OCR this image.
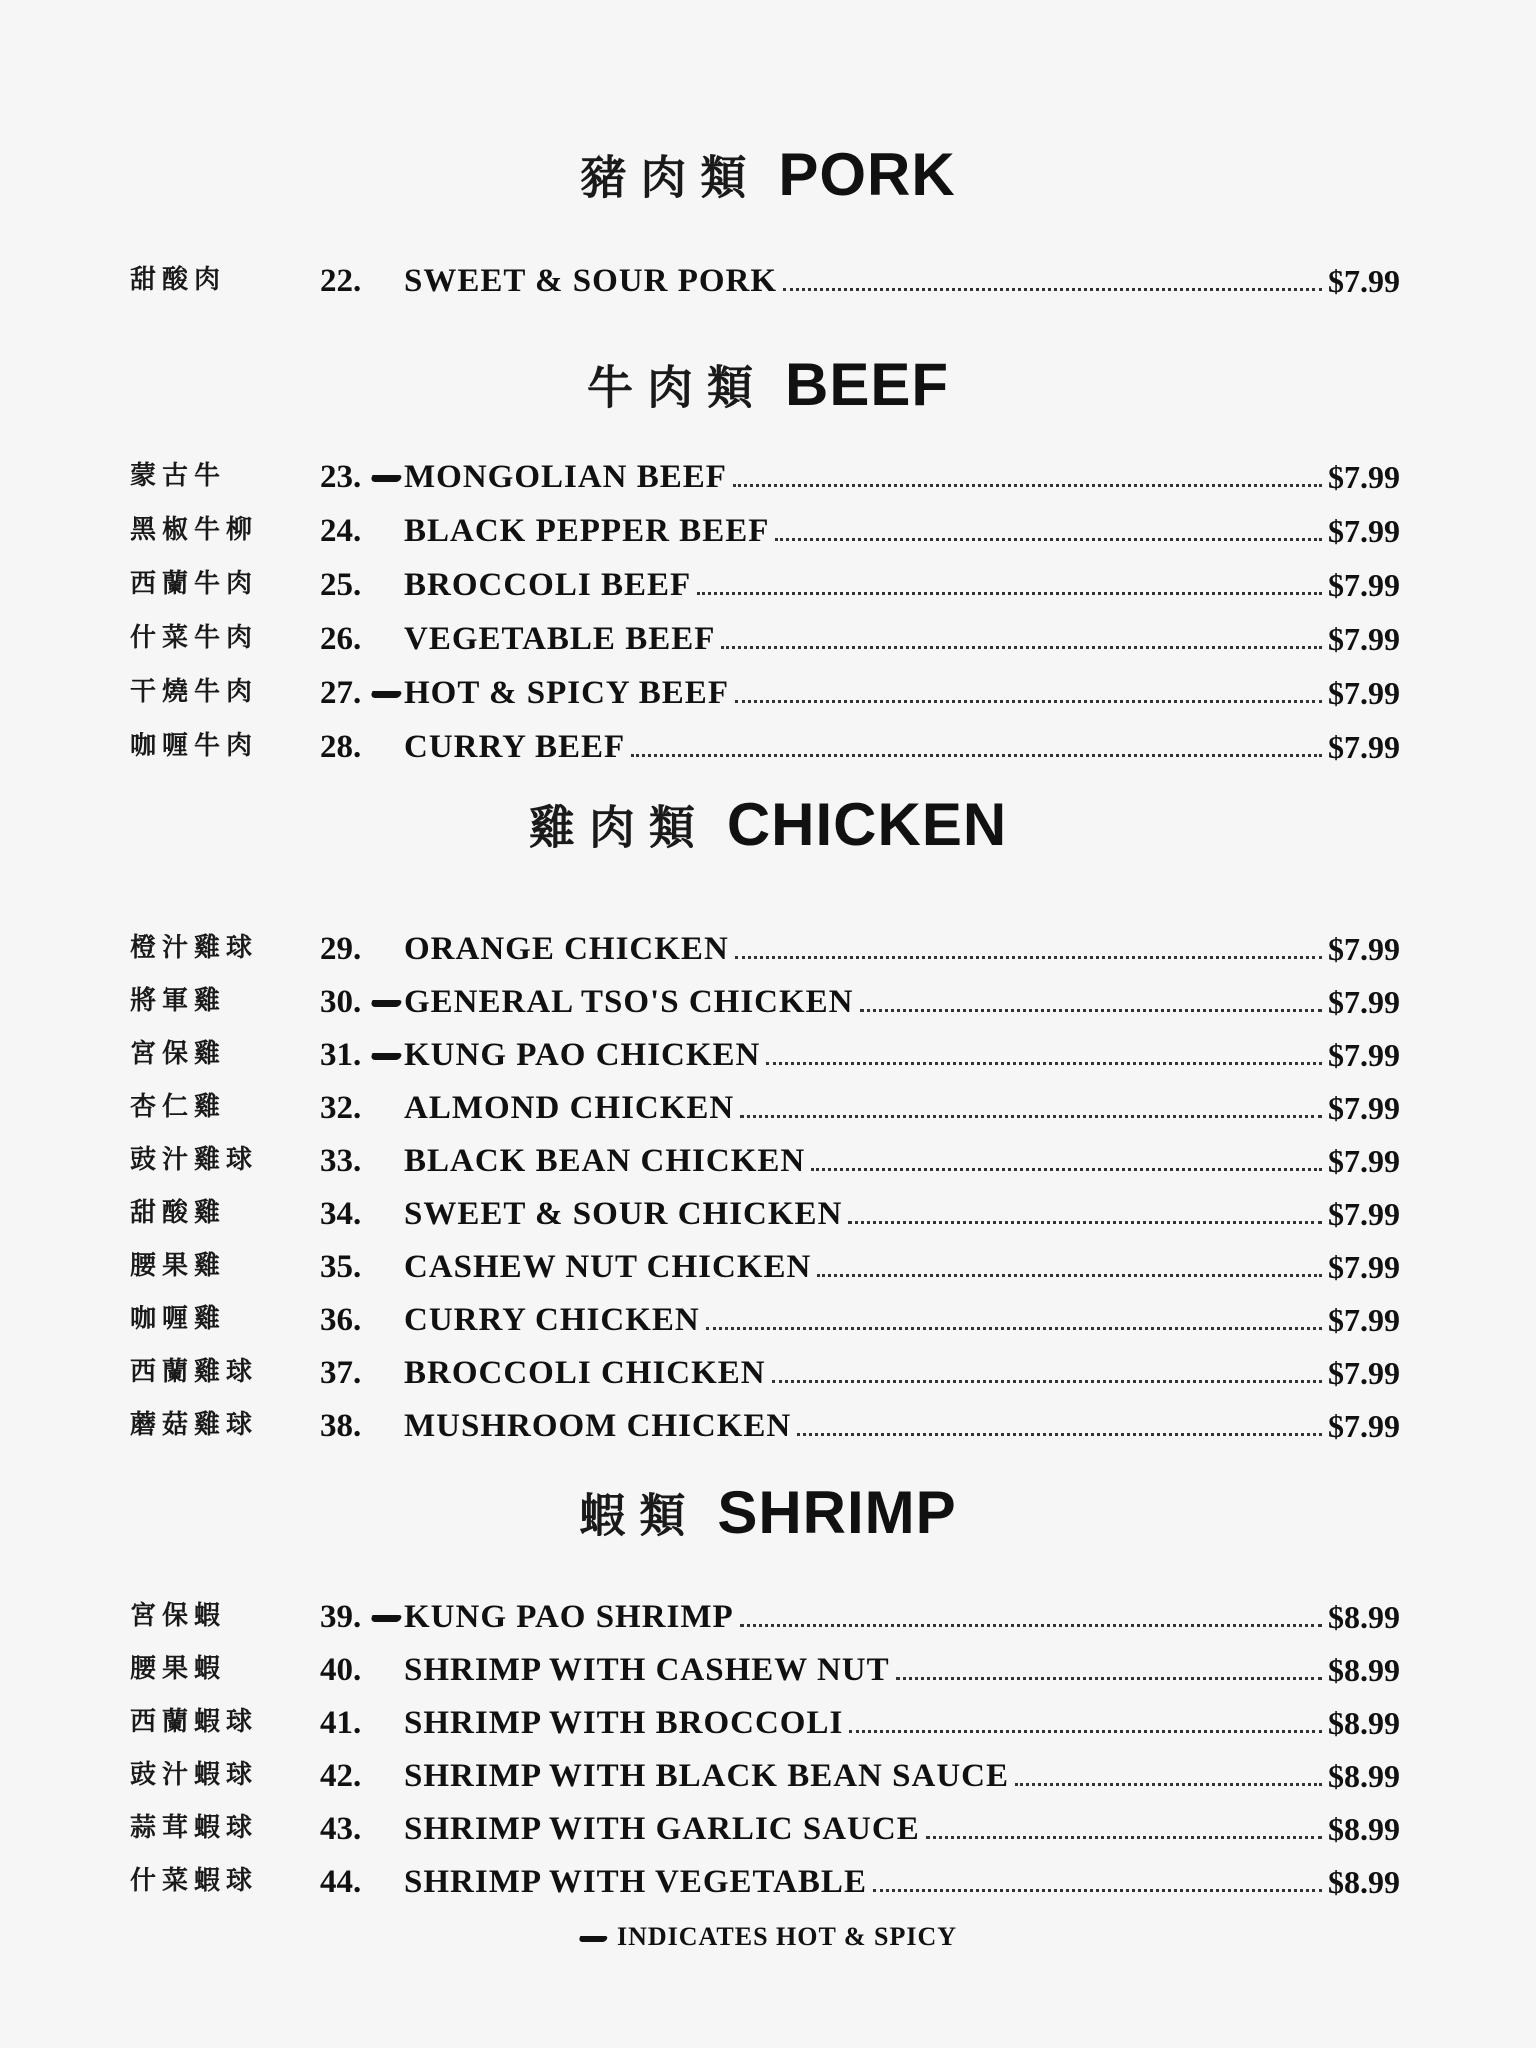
豬肉類 PORK
甜酸肉	22. SWEET & SOUR PORK	$7.99
牛肉類 BEEF
蒙古牛	23. MONGOLIAN BEEF	$7.99
黑椒牛柳	24. BLACK PEPPER BEEF	$7.99
西蘭牛肉	25. BROCCOLI BEEF	$7.99
什菜牛肉	26. VEGETABLE BEEF	$7.99
干燒牛肉	27. HOT & SPICY BEEF	$7.99
咖喱牛肉	28. CURRY BEEF	$7.99
雞肉類 CHICKEN
橙汁雞球	29. ORANGE CHICKEN	$7.99
將軍雞	30. GENERAL TSO'S CHICKEN	$7.99
宮保雞	31. KUNG PAO CHICKEN	$7.99
杏仁雞	32. ALMOND CHICKEN	$7.99
豉汁雞球	33. BLACK BEAN CHICKEN	$7.99
甜酸雞	34. SWEET & SOUR CHICKEN	$7.99
腰果雞	35. CASHEW NUT CHICKEN	$7.99
咖喱雞	36. CURRY CHICKEN	$7.99
西蘭雞球	37. BROCCOLI CHICKEN	$7.99
蘑菇雞球	38. MUSHROOM CHICKEN	$7.99
蝦類 SHRIMP
宮保蝦	39. KUNG PAO SHRIMP	$8.99
腰果蝦	40. SHRIMP WITH CASHEW NUT	$8.99
西蘭蝦球	41. SHRIMP WITH BROCCOLI	$8.99
豉汁蝦球	42. SHRIMP WITH BLACK BEAN SAUCE	$8.99
蒜茸蝦球	43. SHRIMP WITH GARLIC SAUCE	$8.99
什菜蝦球	44. SHRIMP WITH VEGETABLE	$8.99
INDICATES HOT & SPICY
